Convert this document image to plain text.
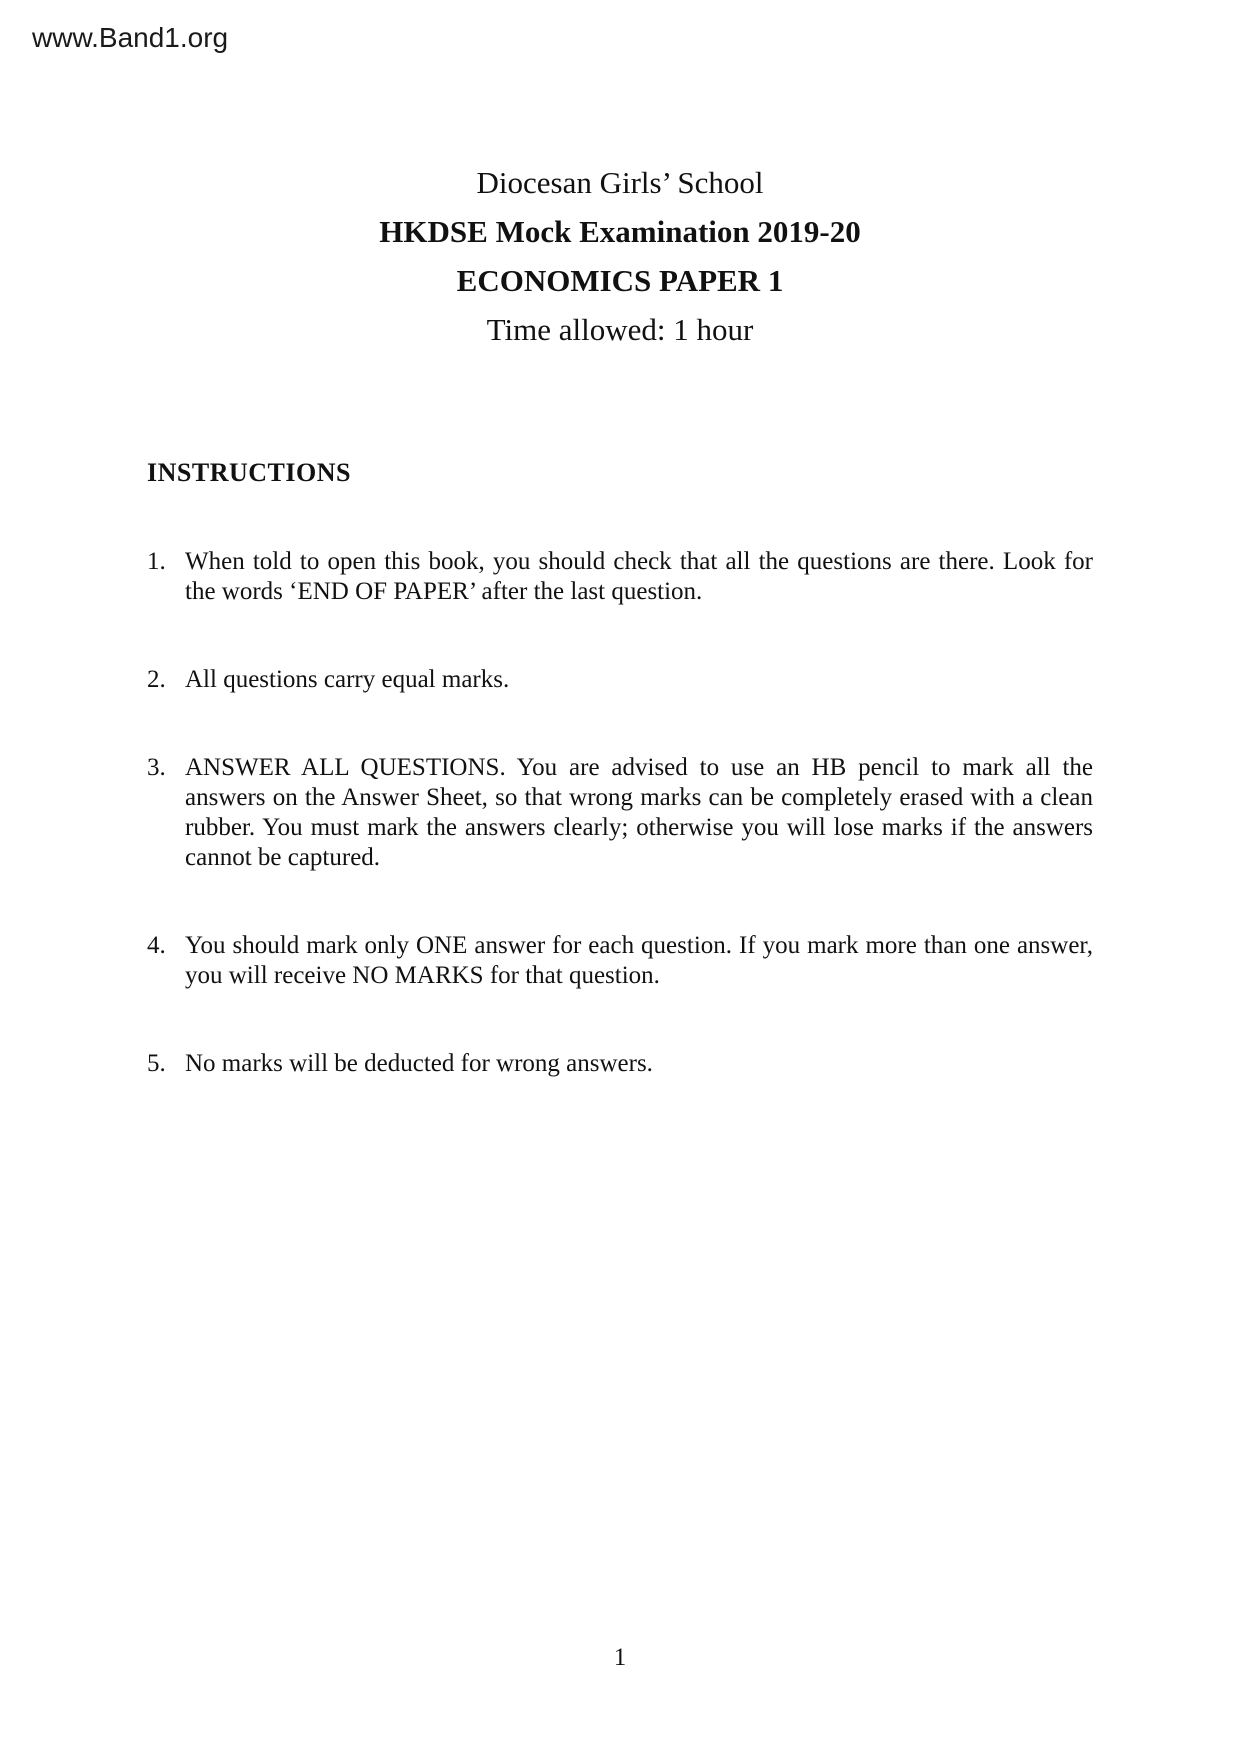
www.Band1.org
Diocesan Girls’ School
HKDSE Mock Examination 2019-20
ECONOMICS PAPER 1
Time allowed: 1 hour
INSTRUCTIONS
1. When told to open this book, you should check that all the questions are there. Look for the words ‘END OF PAPER’ after the last question.
2. All questions carry equal marks.
3. ANSWER ALL QUESTIONS. You are advised to use an HB pencil to mark all the answers on the Answer Sheet, so that wrong marks can be completely erased with a clean rubber. You must mark the answers clearly; otherwise you will lose marks if the answers cannot be captured.
4. You should mark only ONE answer for each question. If you mark more than one answer, you will receive NO MARKS for that question.
5. No marks will be deducted for wrong answers.
1
